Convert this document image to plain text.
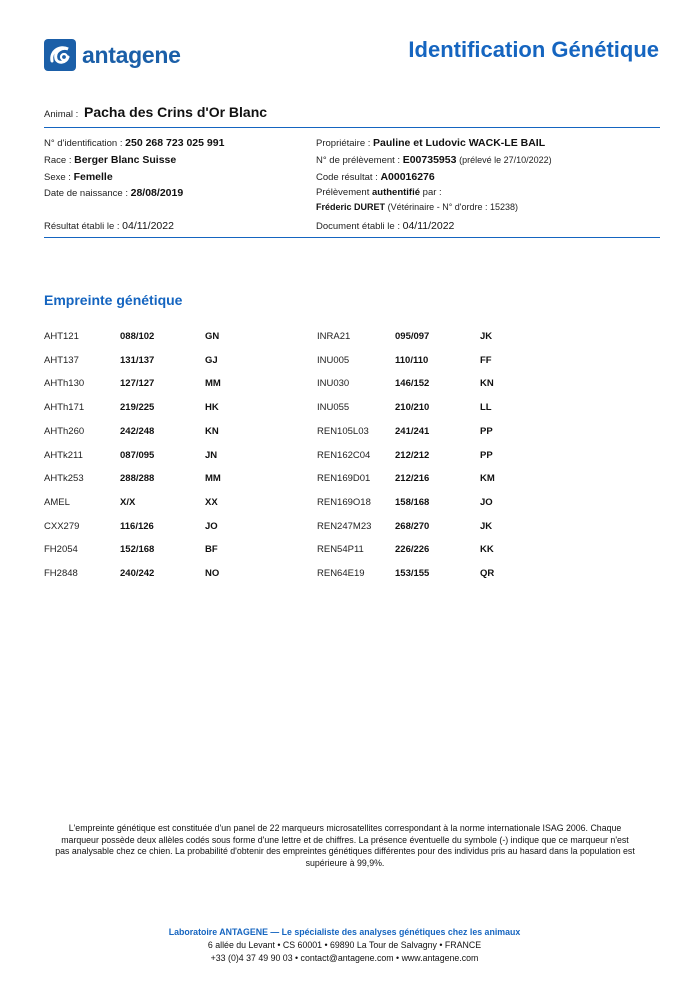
antagene	Identification Génétique
Animal : Pacha des Crins d'Or Blanc
N° d'identification : 250 268 723 025 991
Race : Berger Blanc Suisse
Sexe : Femelle
Date de naissance : 28/08/2019
Résultat établi le : 04/11/2022
Propriétaire : Pauline et Ludovic WACK-LE BAIL
N° de prélèvement : E00735953 (prélevé le 27/10/2022)
Code résultat : A00016276
Prélèvement authentifié par :
Fréderic DURET (Vétérinaire - N° d'ordre : 15238)
Document établi le : 04/11/2022
Empreinte génétique
AHT121	088/102	GN
AHT137	131/137	GJ
AHTh130	127/127	MM
AHTh171	219/225	HK
AHTh260	242/248	KN
AHTk211	087/095	JN
AHTk253	288/288	MM
AMEL	X/X	XX
CXX279	116/126	JO
FH2054	152/168	BF
FH2848	240/242	NO
INRA21	095/097	JK
INU005	110/110	FF
INU030	146/152	KN
INU055	210/210	LL
REN105L03	241/241	PP
REN162C04	212/212	PP
REN169D01	212/216	KM
REN169O18	158/168	JO
REN247M23 268/270	JK
REN54P11	226/226	KK
REN64E19	153/155	QR
L'empreinte génétique est constituée d'un panel de 22 marqueurs microsatellites correspondant à la norme internationale ISAG 2006. Chaque marqueur possède deux allèles codés sous forme d'une lettre et de chiffres. La présence éventuelle du symbole (-) indique que ce marqueur n'est pas analysable chez ce chien. La probabilité d'obtenir des empreintes génétiques différentes pour des individus pris au hasard dans la population est supérieure à 99,9%.
Laboratoire ANTAGENE — Le spécialiste des analyses génétiques chez les animaux
6 allée du Levant • CS 60001 • 69890 La Tour de Salvagny • FRANCE
+33 (0)4 37 49 90 03 • contact@antagene.com • www.antagene.com
